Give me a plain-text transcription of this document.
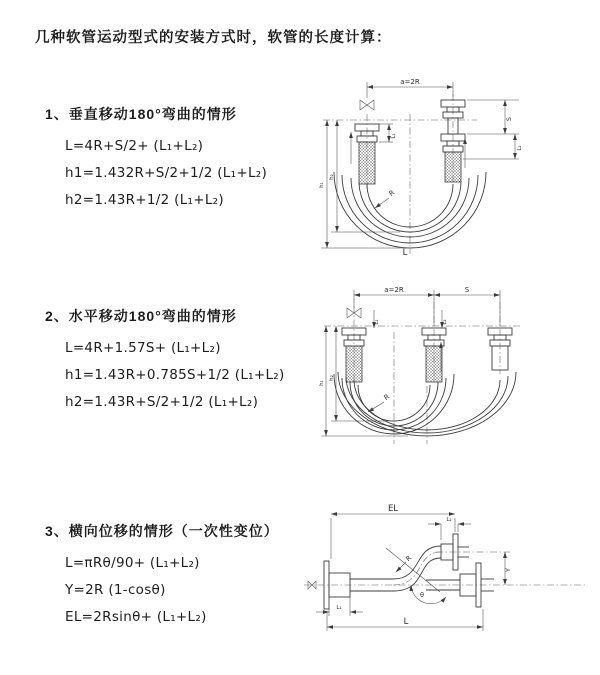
几种软管运动型式的安装方式时，软管的长度计算：
1、垂直移动180°弯曲的情形
L=4R+S/2+ (L₁+L₂)
h1=1.432R+S/2+1/2 (L₁+L₂)
h2=1.43R+1/2 (L₁+L₂)
a=2R
L₁
S
L₂
h₁
h₂
R
L
2、水平移动180°弯曲的情形
L=4R+1.57S+ (L₁+L₂)
h1=1.43R+0.785S+1/2 (L₁+L₂)
h2=1.43R+S/2+1/2 (L₁+L₂)
a=2R	S
L₁	L₂
h₁
h₂
R
3、横向位移的情形（一次性变位）
L=πRθ/90+ (L₁+L₂)
Y=2R (1-cosθ)
EL=2Rsinθ+ (L₁+L₂)
θ
R
EL
L₂
L₁
Y
L
